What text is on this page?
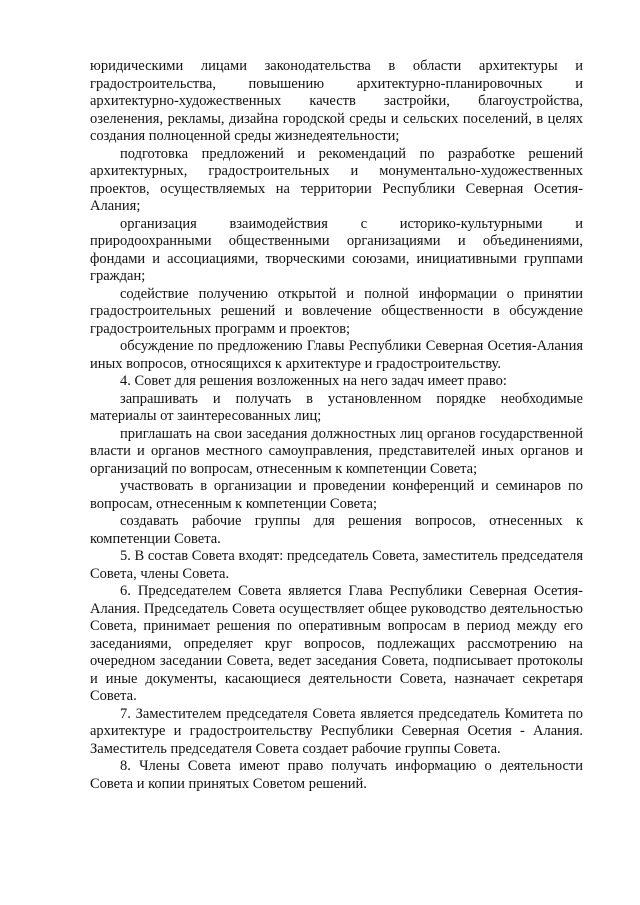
юридическими лицами законодательства в области архитектуры и градостроительства, повышению архитектурно-планировочных и архитектурно-художественных качеств застройки, благоустройства, озеленения, рекламы, дизайна городской среды и сельских поселений, в целях создания полноценной среды жизнедеятельности;

подготовка предложений и рекомендаций по разработке решений архитектурных, градостроительных и монументально-художественных проектов, осуществляемых на территории Республики Северная Осетия-Алания;

организация взаимодействия с историко-культурными и природоохранными общественными организациями и объединениями, фондами и ассоциациями, творческими союзами, инициативными группами граждан;

содействие получению открытой и полной информации о принятии градостроительных решений и вовлечение общественности в обсуждение градостроительных программ и проектов;

обсуждение по предложению Главы Республики Северная Осетия-Алания иных вопросов, относящихся к архитектуре и градостроительству.

4. Совет для решения возложенных на него задач имеет право:

запрашивать и получать в установленном порядке необходимые материалы от заинтересованных лиц;

приглашать на свои заседания должностных лиц органов государственной власти и органов местного самоуправления, представителей иных органов и организаций по вопросам, отнесенным к компетенции Совета;

участвовать в организации и проведении конференций и семинаров по вопросам, отнесенным к компетенции Совета;

создавать рабочие группы для решения вопросов, отнесенных к компетенции Совета.

5. В состав Совета входят: председатель Совета, заместитель председателя Совета, члены Совета.

6. Председателем Совета является Глава Республики Северная Осетия-Алания. Председатель Совета осуществляет общее руководство деятельностью Совета, принимает решения по оперативным вопросам в период между его заседаниями, определяет круг вопросов, подлежащих рассмотрению на очередном заседании Совета, ведет заседания Совета, подписывает протоколы и иные документы, касающиеся деятельности Совета, назначает секретаря Совета.

7. Заместителем председателя Совета является председатель Комитета по архитектуре и градостроительству Республики Северная Осетия - Алания. Заместитель председателя Совета создает рабочие группы Совета.

8. Члены Совета имеют право получать информацию о деятельности Совета и копии принятых Советом решений.
